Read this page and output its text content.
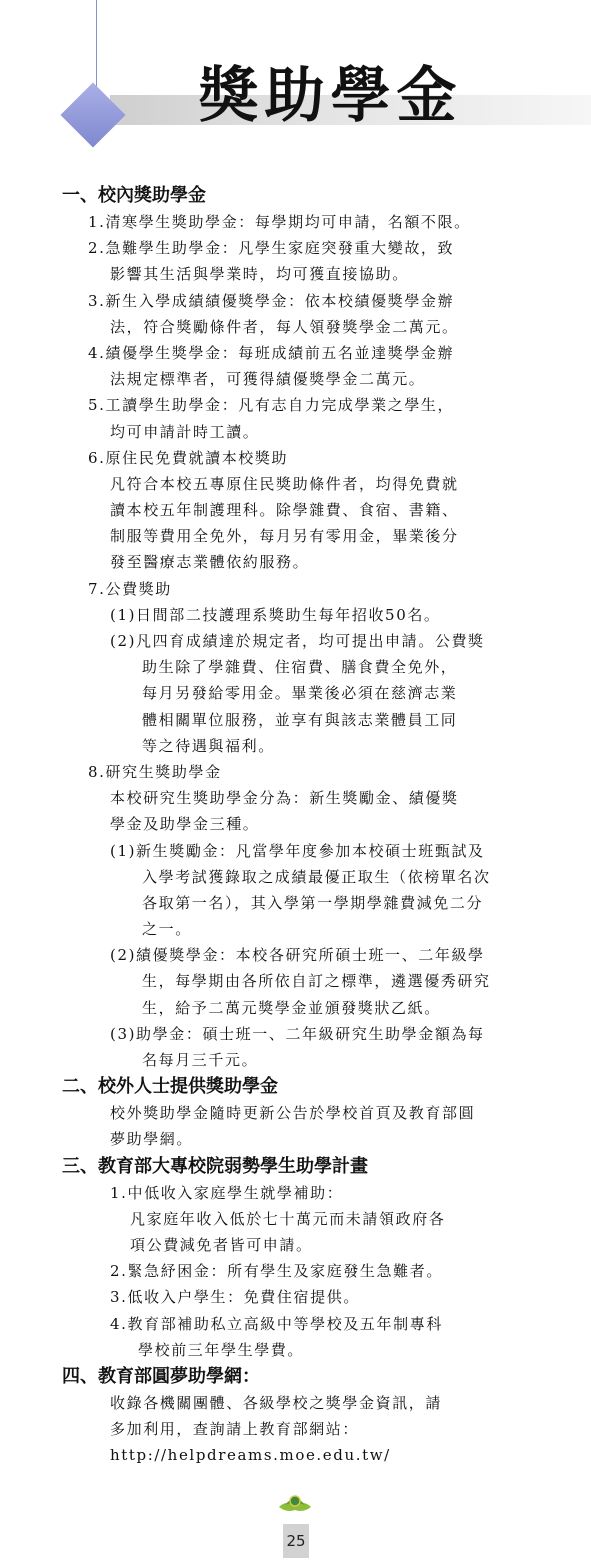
獎助學金
一、校內獎助學金
1.清寒學生獎助學金：每學期均可申請，名額不限。
2.急難學生助學金：凡學生家庭突發重大變故，致
影響其生活與學業時，均可獲直接協助。
3.新生入學成績績優獎學金：依本校績優獎學金辦
法，符合獎勵條件者，每人領發獎學金二萬元。
4.績優學生獎學金：每班成績前五名並達獎學金辦
法規定標準者，可獲得績優獎學金二萬元。
5.工讀學生助學金：凡有志自力完成學業之學生，
均可申請計時工讀。
6.原住民免費就讀本校獎助
凡符合本校五專原住民獎助條件者，均得免費就
讀本校五年制護理科。除學雜費、食宿、書籍、
制服等費用全免外，每月另有零用金，畢業後分
發至醫療志業體依約服務。
7.公費獎助
(1)日間部二技護理系獎助生每年招收50名。
(2)凡四育成績達於規定者，均可提出申請。公費獎
助生除了學雜費、住宿費、膳食費全免外，
每月另發給零用金。畢業後必須在慈濟志業
體相關單位服務，並享有與該志業體員工同
等之待遇與福利。
8.研究生獎助學金
本校研究生獎助學金分為：新生獎勵金、績優獎
學金及助學金三種。
(1)新生獎勵金：凡當學年度參加本校碩士班甄試及
入學考試獲錄取之成績最優正取生（依榜單名次
各取第一名），其入學第一學期學雜費減免二分
之一。
(2)績優獎學金：本校各研究所碩士班一、二年級學
生，每學期由各所依自訂之標準，遴選優秀研究
生，給予二萬元獎學金並頒發獎狀乙紙。
(3)助學金：碩士班一、二年級研究生助學金額為每
名每月三千元。
二、校外人士提供獎助學金
校外獎助學金隨時更新公告於學校首頁及教育部圓
夢助學網。
三、教育部大專校院弱勢學生助學計畫
1.中低收入家庭學生就學補助：
凡家庭年收入低於七十萬元而未請領政府各
項公費減免者皆可申請。
2.緊急紓困金：所有學生及家庭發生急難者。
3.低收入户學生：免費住宿提供。
4.教育部補助私立高級中等學校及五年制專科
學校前三年學生學費。
四、教育部圓夢助學網：
收錄各機關團體、各級學校之獎學金資訊，請
多加利用，查詢請上教育部網站：
http://helpdreams.moe.edu.tw/
25
